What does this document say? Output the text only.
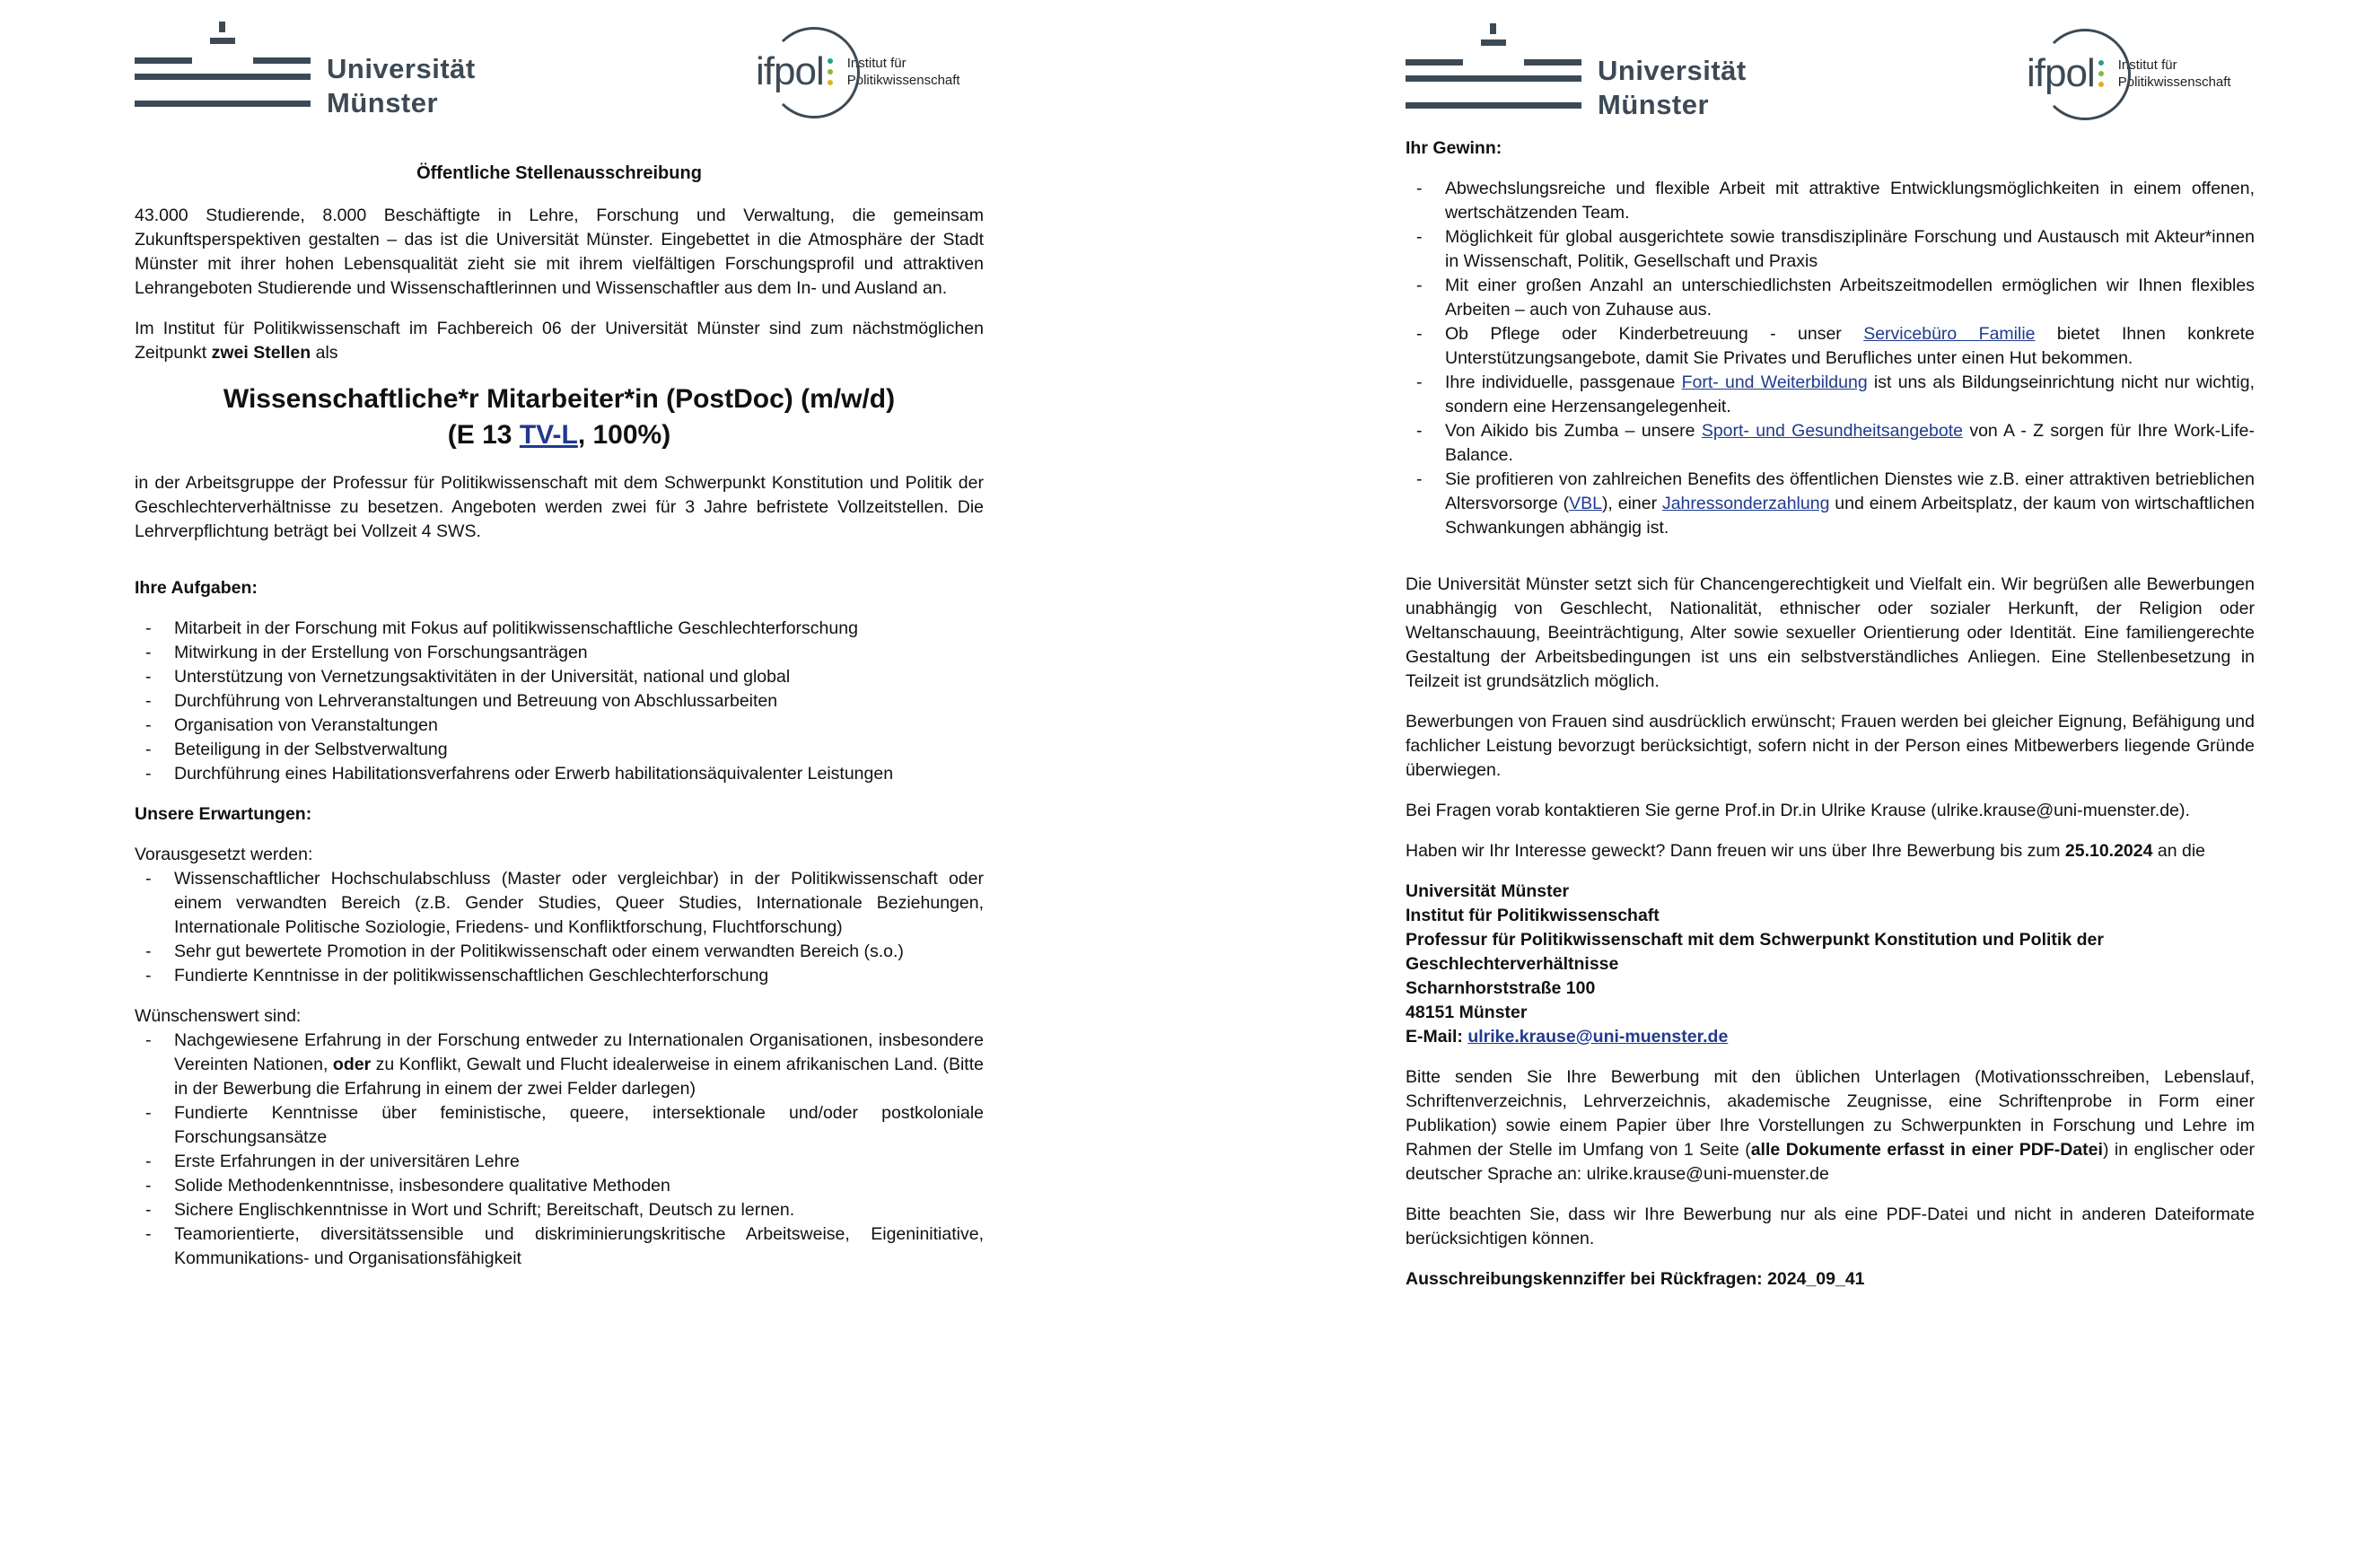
Universität
Münster
ifpol Institut für
Politikwissenschaft
Öffentliche Stellenausschreibung

43.000 Studierende, 8.000 Beschäftigte in Lehre, Forschung und Verwaltung, die gemeinsam Zukunftsperspektiven gestalten – das ist die Universität Münster. Eingebettet in die Atmosphäre der Stadt Münster mit ihrer hohen Lebensqualität zieht sie mit ihrem vielfältigen Forschungsprofil und attraktiven Lehrangeboten Studierende und Wissenschaftlerinnen und Wissenschaftler aus dem In- und Ausland an.

Im Institut für Politikwissenschaft im Fachbereich 06 der Universität Münster sind zum nächstmöglichen Zeitpunkt zwei Stellen als

Wissenschaftliche*r Mitarbeiter*in (PostDoc) (m/w/d)
(E 13 TV-L, 100%)

in der Arbeitsgruppe der Professur für Politikwissenschaft mit dem Schwerpunkt Konstitution und Politik der Geschlechterverhältnisse zu besetzen. Angeboten werden zwei für 3 Jahre befristete Vollzeitstellen. Die Lehrverpflichtung beträgt bei Vollzeit 4 SWS.

Ihre Aufgaben:
- Mitarbeit in der Forschung mit Fokus auf politikwissenschaftliche Geschlechterforschung
- Mitwirkung in der Erstellung von Forschungsanträgen
- Unterstützung von Vernetzungsaktivitäten in der Universität, national und global
- Durchführung von Lehrveranstaltungen und Betreuung von Abschlussarbeiten
- Organisation von Veranstaltungen
- Beteiligung in der Selbstverwaltung
- Durchführung eines Habilitationsverfahrens oder Erwerb habilitationsäquivalenter Leistungen
Unsere Erwartungen:
Vorausgesetzt werden:
- Wissenschaftlicher Hochschulabschluss (Master oder vergleichbar) in der Politikwissenschaft oder einem verwandten Bereich (z.B. Gender Studies, Queer Studies, Internationale Beziehungen, Internationale Politische Soziologie, Friedens- und Konfliktforschung, Fluchtforschung)
- Sehr gut bewertete Promotion in der Politikwissenschaft oder einem verwandten Bereich (s.o.)
- Fundierte Kenntnisse in der politikwissenschaftlichen Geschlechterforschung
Wünschenswert sind:
- Nachgewiesene Erfahrung in der Forschung entweder zu Internationalen Organisationen, insbesondere Vereinten Nationen, oder zu Konflikt, Gewalt und Flucht idealerweise in einem afrikanischen Land. (Bitte in der Bewerbung die Erfahrung in einem der zwei Felder darlegen)
- Fundierte Kenntnisse über feministische, queere, intersektionale und/oder postkoloniale Forschungsansätze
- Erste Erfahrungen in der universitären Lehre
- Solide Methodenkenntnisse, insbesondere qualitative Methoden
- Sichere Englischkenntnisse in Wort und Schrift; Bereitschaft, Deutsch zu lernen.
- Teamorientierte, diversitätssensible und diskriminierungskritische Arbeitsweise, Eigeninitiative, Kommunikations- und Organisationsfähigkeit
Universität
Münster
ifpol Institut für
Politikwissenschaft
Ihr Gewinn:
- Abwechslungsreiche und flexible Arbeit mit attraktive Entwicklungsmöglichkeiten in einem offenen, wertschätzenden Team.
- Möglichkeit für global ausgerichtete sowie transdisziplinäre Forschung und Austausch mit Akteur*innen in Wissenschaft, Politik, Gesellschaft und Praxis
- Mit einer großen Anzahl an unterschiedlichsten Arbeitszeitmodellen ermöglichen wir Ihnen flexibles Arbeiten – auch von Zuhause aus.
- Ob Pflege oder Kinderbetreuung - unser Servicebüro Familie bietet Ihnen konkrete Unterstützungsangebote, damit Sie Privates und Berufliches unter einen Hut bekommen.
- Ihre individuelle, passgenaue Fort- und Weiterbildung ist uns als Bildungseinrichtung nicht nur wichtig, sondern eine Herzensangelegenheit.
- Von Aikido bis Zumba – unsere Sport- und Gesundheitsangebote von A - Z sorgen für Ihre Work-Life-Balance.
- Sie profitieren von zahlreichen Benefits des öffentlichen Dienstes wie z.B. einer attraktiven betrieblichen Altersvorsorge (VBL), einer Jahressonderzahlung und einem Arbeitsplatz, der kaum von wirtschaftlichen Schwankungen abhängig ist.

Die Universität Münster setzt sich für Chancengerechtigkeit und Vielfalt ein. Wir begrüßen alle Bewerbungen unabhängig von Geschlecht, Nationalität, ethnischer oder sozialer Herkunft, der Religion oder Weltanschauung, Beeinträchtigung, Alter sowie sexueller Orientierung oder Identität. Eine familiengerechte Gestaltung der Arbeitsbedingungen ist uns ein selbstverständliches Anliegen. Eine Stellenbesetzung in Teilzeit ist grundsätzlich möglich.

Bewerbungen von Frauen sind ausdrücklich erwünscht; Frauen werden bei gleicher Eignung, Befähigung und fachlicher Leistung bevorzugt berücksichtigt, sofern nicht in der Person eines Mitbewerbers liegende Gründe überwiegen.

Bei Fragen vorab kontaktieren Sie gerne Prof.in Dr.in Ulrike Krause (ulrike.krause@uni-muenster.de).

Haben wir Ihr Interesse geweckt? Dann freuen wir uns über Ihre Bewerbung bis zum 25.10.2024 an die

Universität Münster
Institut für Politikwissenschaft
Professur für Politikwissenschaft mit dem Schwerpunkt Konstitution und Politik der Geschlechterverhältnisse
Scharnhorststraße 100
48151 Münster
E-Mail: ulrike.krause@uni-muenster.de

Bitte senden Sie Ihre Bewerbung mit den üblichen Unterlagen (Motivationsschreiben, Lebenslauf, Schriftenverzeichnis, Lehrverzeichnis, akademische Zeugnisse, eine Schriftenprobe in Form einer Publikation) sowie einem Papier über Ihre Vorstellungen zu Schwerpunkten in Forschung und Lehre im Rahmen der Stelle im Umfang von 1 Seite (alle Dokumente erfasst in einer PDF-Datei) in englischer oder deutscher Sprache an: ulrike.krause@uni-muenster.de

Bitte beachten Sie, dass wir Ihre Bewerbung nur als eine PDF-Datei und nicht in anderen Dateiformate berücksichtigen können.

Ausschreibungskennziffer bei Rückfragen: 2024_09_41
